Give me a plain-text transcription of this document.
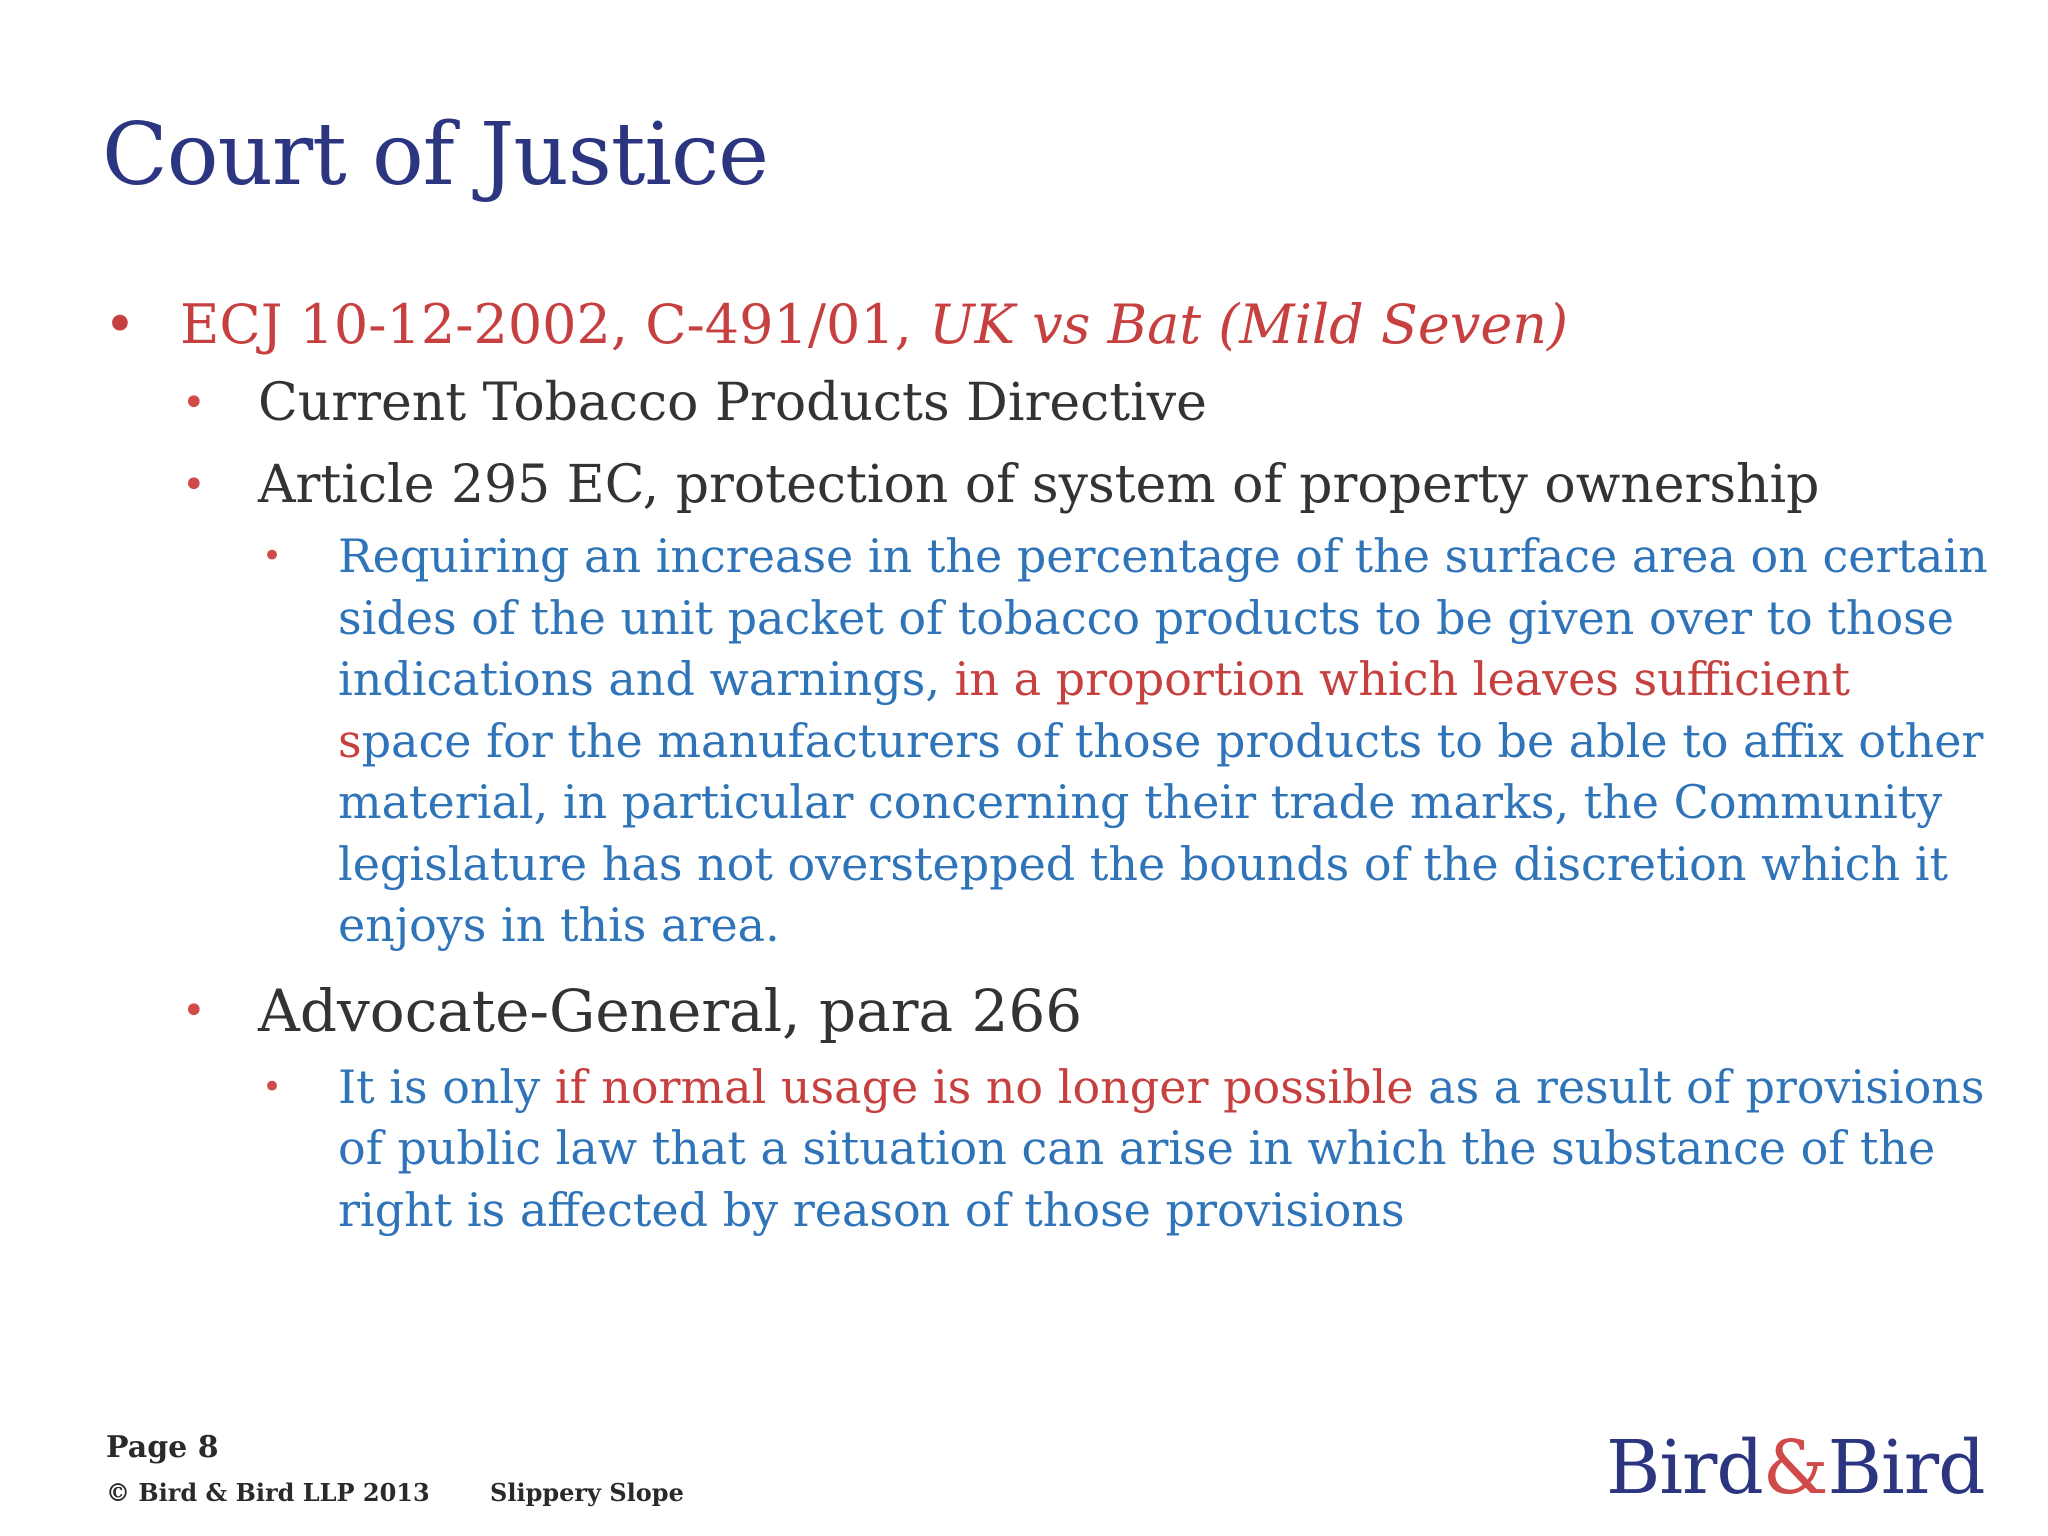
Court of Justice

• ECJ 10-12-2002, C-491/01, UK vs Bat (Mild Seven)

• Current Tobacco Products Directive

• Article 295 EC, protection of system of property ownership

• Requiring an increase in the percentage of the surface area on certain sides of the unit packet of tobacco products to be given over to those indications and warnings, in a proportion which leaves sufficient space for the manufacturers of those products to be able to affix other material, in particular concerning their trade marks, the Community legislature has not overstepped the bounds of the discretion which it enjoys in this area.

• Advocate-General, para 266

• It is only if normal usage is no longer possible as a result of provisions of public law that a situation can arise in which the substance of the right is affected by reason of those provisions

Page 8
© Bird & Bird LLP 2013	Slippery Slope	Bird&Bird
